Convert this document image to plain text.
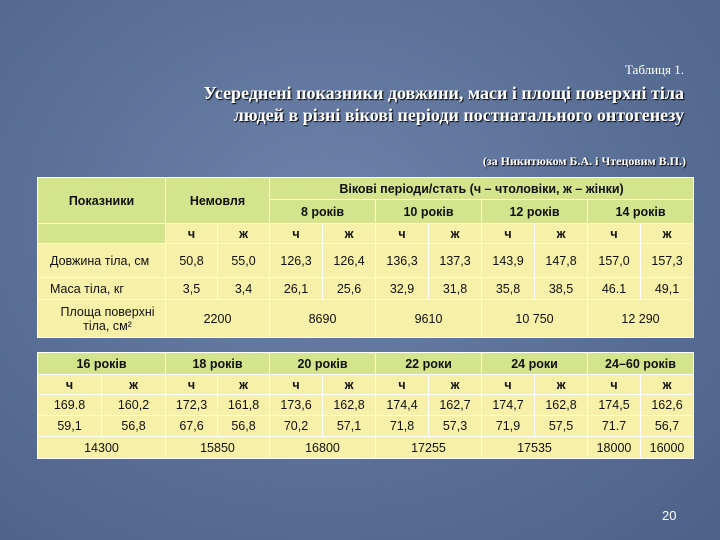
Таблиця 1.
Усереднені показники довжини, маси і площі поверхні тіла
людей в різні вікові періоди постнатального онтогенезу
(за Никитюком Б.А. і Чтецовим В.П.)
Показники	Немовля		Вікові періоди/стать (ч – чтоловіки, ж – жінки)							
			8 років		10 років		12 років		14 років	
	ч	ж	ч	ж	ч	ж	ч	ж	ч	ж
Довжина тіла, см	50,8	55,0	126,3	126,4	136,3	137,3	143,9	147,8	157,0	157,3
Маса тіла, кг	3,5	3,4	26,1	25,6	32,9	31,8	35,8	38,5	46.1	49,1
Площа поверхні тіла, см²	2200		8690		9610		10 750		12 290	
16 років		18 років		20 років		22 роки		24 роки		24–60 років	
ч	ж	ч	ж	ч	ж	ч	ж	ч	ж	ч	ж
169.8	160,2	172,3	161,8	173,6	162,8	174,4	162,7	174,7	162,8	174,5	162,6
59,1	56,8	67,6	56,8	70,2	57,1	71,8	57,3	71,9	57,5	71.7	56,7
14300		15850		16800		17255		17535		18000	16000
20
